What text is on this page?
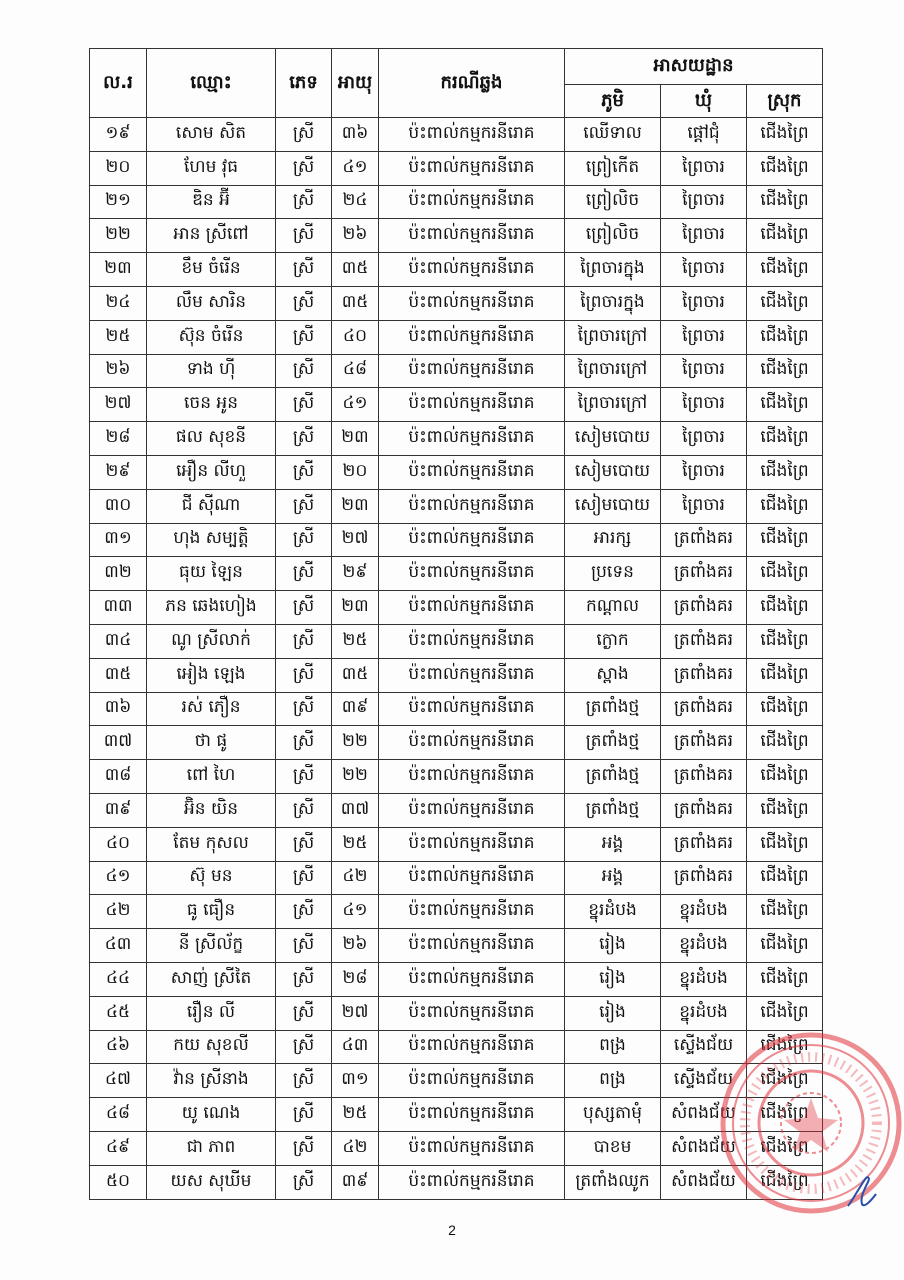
ល.រ	ឈ្មោះ	ភេទ	អាយុ	ករណីឆ្លង	អាសយដ្ឋាន		
					ភូមិ	ឃុំ	ស្រុក
១៩	សោម សិត	ស្រី	៣៦	ប៉ះពាល់កម្មករនីរោគ	ឈើទាល	ផ្ដៅជុំ	ជើងព្រៃ
២០	ហែម វុធ	ស្រី	៤១	ប៉ះពាល់កម្មករនីរោគ	ព្រៀកើត	ព្រៃចារ	ជើងព្រៃ
២១	ឌិន អ៊ី	ស្រី	២៤	ប៉ះពាល់កម្មករនីរោគ	ព្រៀលិច	ព្រៃចារ	ជើងព្រៃ
២២	អាន ស្រីពៅ	ស្រី	២៦	ប៉ះពាល់កម្មករនីរោគ	ព្រៀលិច	ព្រៃចារ	ជើងព្រៃ
២៣	ខឹម ចំរើន	ស្រី	៣៥	ប៉ះពាល់កម្មករនីរោគ	ព្រៃចារក្នុង	ព្រៃចារ	ជើងព្រៃ
២៤	លឹម សារិន	ស្រី	៣៥	ប៉ះពាល់កម្មករនីរោគ	ព្រៃចារក្នុង	ព្រៃចារ	ជើងព្រៃ
២៥	ស៊ុន ចំរើន	ស្រី	៤០	ប៉ះពាល់កម្មករនីរោគ	ព្រៃចារក្រៅ	ព្រៃចារ	ជើងព្រៃ
២៦	ទាង ហ៊ី	ស្រី	៤៨	ប៉ះពាល់កម្មករនីរោគ	ព្រៃចារក្រៅ	ព្រៃចារ	ជើងព្រៃ
២៧	ចេន អូន	ស្រី	៤១	ប៉ះពាល់កម្មករនីរោគ	ព្រៃចារក្រៅ	ព្រៃចារ	ជើងព្រៃ
២៨	ផល សុខនី	ស្រី	២៣	ប៉ះពាល់កម្មករនីរោគ	សៀមបោយ	ព្រៃចារ	ជើងព្រៃ
២៩	អឿន លីហួ	ស្រី	២០	ប៉ះពាល់កម្មករនីរោគ	សៀមបោយ	ព្រៃចារ	ជើងព្រៃ
៣០	ជី ស៊ីណា	ស្រី	២៣	ប៉ះពាល់កម្មករនីរោគ	សៀមបោយ	ព្រៃចារ	ជើងព្រៃ
៣១	ហុង សម្បត្តិ	ស្រី	២៧	ប៉ះពាល់កម្មករនីរោគ	អារក្ស	ត្រពាំងគរ	ជើងព្រៃ
៣២	ធុយ ឡៃន	ស្រី	២៩	ប៉ះពាល់កម្មករនីរោគ	ប្រទេន	ត្រពាំងគរ	ជើងព្រៃ
៣៣	ភន ឆេងហៀង	ស្រី	២៣	ប៉ះពាល់កម្មករនីរោគ	កណ្ដាល	ត្រពាំងគរ	ជើងព្រៃ
៣៤	ណូ ស្រីលាក់	ស្រី	២៥	ប៉ះពាល់កម្មករនីរោគ	ក្ងោក	ត្រពាំងគរ	ជើងព្រៃ
៣៥	អៀង ឡេង	ស្រី	៣៥	ប៉ះពាល់កម្មករនីរោគ	ស្ពាង	ត្រពាំងគរ	ជើងព្រៃ
៣៦	រស់ ភឿន	ស្រី	៣៩	ប៉ះពាល់កម្មករនីរោគ	ត្រពាំងថ្ម	ត្រពាំងគរ	ជើងព្រៃ
៣៧	ថា ផូ	ស្រី	២២	ប៉ះពាល់កម្មករនីរោគ	ត្រពាំងថ្ម	ត្រពាំងគរ	ជើងព្រៃ
៣៨	ពៅ ហៃ	ស្រី	២២	ប៉ះពាល់កម្មករនីរោគ	ត្រពាំងថ្ម	ត្រពាំងគរ	ជើងព្រៃ
៣៩	អ៊ិន យិន	ស្រី	៣៧	ប៉ះពាល់កម្មករនីរោគ	ត្រពាំងថ្ម	ត្រពាំងគរ	ជើងព្រៃ
៤០	តែម កុសល	ស្រី	២៥	ប៉ះពាល់កម្មករនីរោគ	អង្គ	ត្រពាំងគរ	ជើងព្រៃ
៤១	ស៊ុ មន	ស្រី	៤២	ប៉ះពាល់កម្មករនីរោគ	អង្គ	ត្រពាំងគរ	ជើងព្រៃ
៤២	ធូ ធឿន	ស្រី	៤១	ប៉ះពាល់កម្មករនីរោគ	ខ្នុរដំបង	ខ្នុរដំបង	ជើងព្រៃ
៤៣	នី ស្រីល័ក្ខ	ស្រី	២៦	ប៉ះពាល់កម្មករនីរោគ	រៀង	ខ្នុរដំបង	ជើងព្រៃ
៤៤	សាញ់ ស្រីតៃ	ស្រី	២៨	ប៉ះពាល់កម្មករនីរោគ	រៀង	ខ្នុរដំបង	ជើងព្រៃ
៤៥	រឿន លី	ស្រី	២៧	ប៉ះពាល់កម្មករនីរោគ	រៀង	ខ្នុរដំបង	ជើងព្រៃ
៤៦	កយ សុខលី	ស្រី	៤៣	ប៉ះពាល់កម្មករនីរោគ	ពង្រ	ស្ទើងជ័យ	ជើងព្រៃ
៤៧	វ៉ាន ស្រីនាង	ស្រី	៣១	ប៉ះពាល់កម្មករនីរោគ	ពង្រ	ស្ទើងជ័យ	ជើងព្រៃ
៤៨	យូ ណេង	ស្រី	២៥	ប៉ះពាល់កម្មករនីរោគ	បុស្សតាមុំ	សំពងជ័យ	ជើងព្រៃ
៤៩	ជា ភាព	ស្រី	៤២	ប៉ះពាល់កម្មករនីរោគ	បាខម	សំពងជ័យ	ជើងព្រៃ
៥០	យស សុឃីម	ស្រី	៣៩	ប៉ះពាល់កម្មករនីរោគ	ត្រពាំងឈូក	សំពងជ័យ	ជើងព្រៃ
2
